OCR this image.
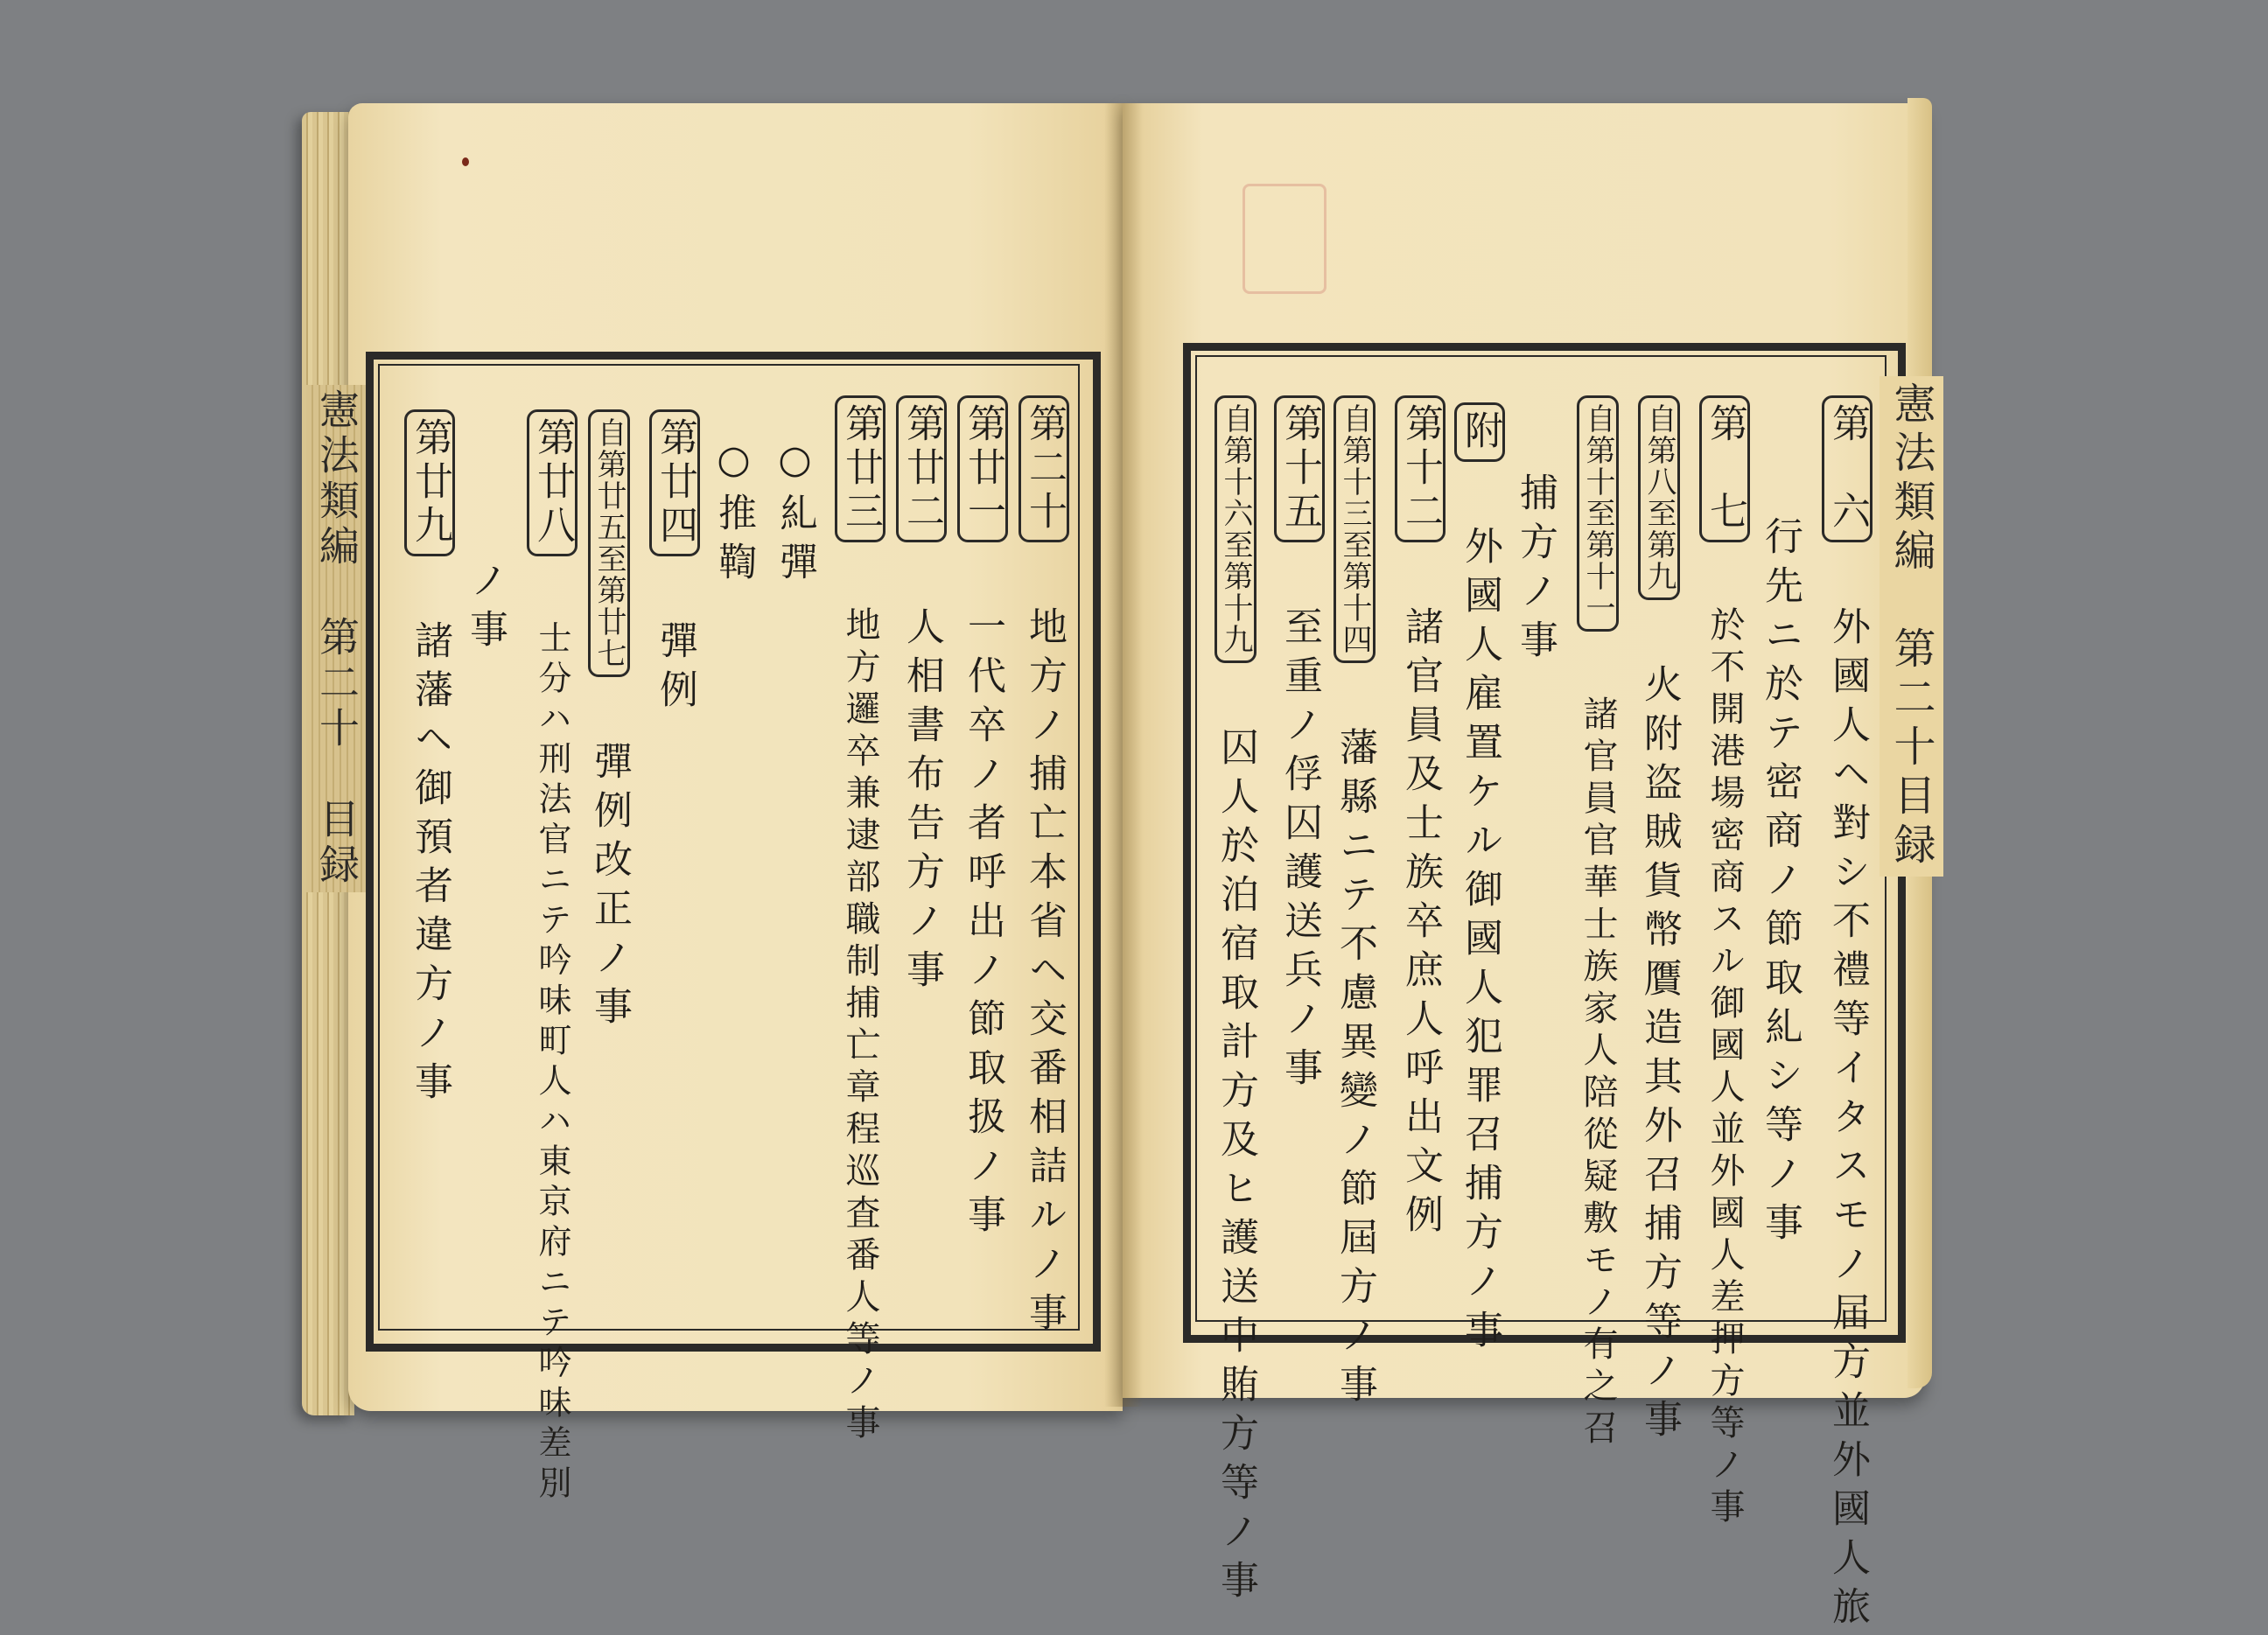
憲法類編　第二十　目録	憲法類編　第二十目録
第　六 外國人ヘ對シ不禮等イタスモノ届方並外國人旅
行先ニ於テ密商ノ節取糺シ等ノ事
第　七 於不開港場密商スル御國人並外國人差押方等ノ事
自第八至第九 火附盗賊貨幣贋造其外召捕方等ノ事
自第十至第十一 諸官員官華士族家人陪從疑敷モノ有之召
捕方ノ事
附 外國人雇置ケル御國人犯罪召捕方ノ事
第十二 諸官員及士族卒庶人呼出文例
自第十三至第十四 藩縣ニテ不慮異變ノ節屆方ノ事
第十五 至重ノ俘囚護送兵ノ事
自第十六至第十九 囚人於泊宿取計方及ヒ護送中賄方等ノ事
第二十 地方ノ捕亡本省ヘ交番相詰ルノ事
第廿一 一代卒ノ者呼出ノ節取扱ノ事
第廿二 人相書布告方ノ事
第廿三 地方邏卒兼逮部職制捕亡章程巡査番人等ノ事
○糺彈
○推鞫
第廿四 彈例
自第廿五至第廿七 彈例改正ノ事
第廿八 士分ハ刑法官ニテ吟味町人ハ東京府ニテ吟味差別
ノ事
第廿九 諸藩ヘ御預者違方ノ事
